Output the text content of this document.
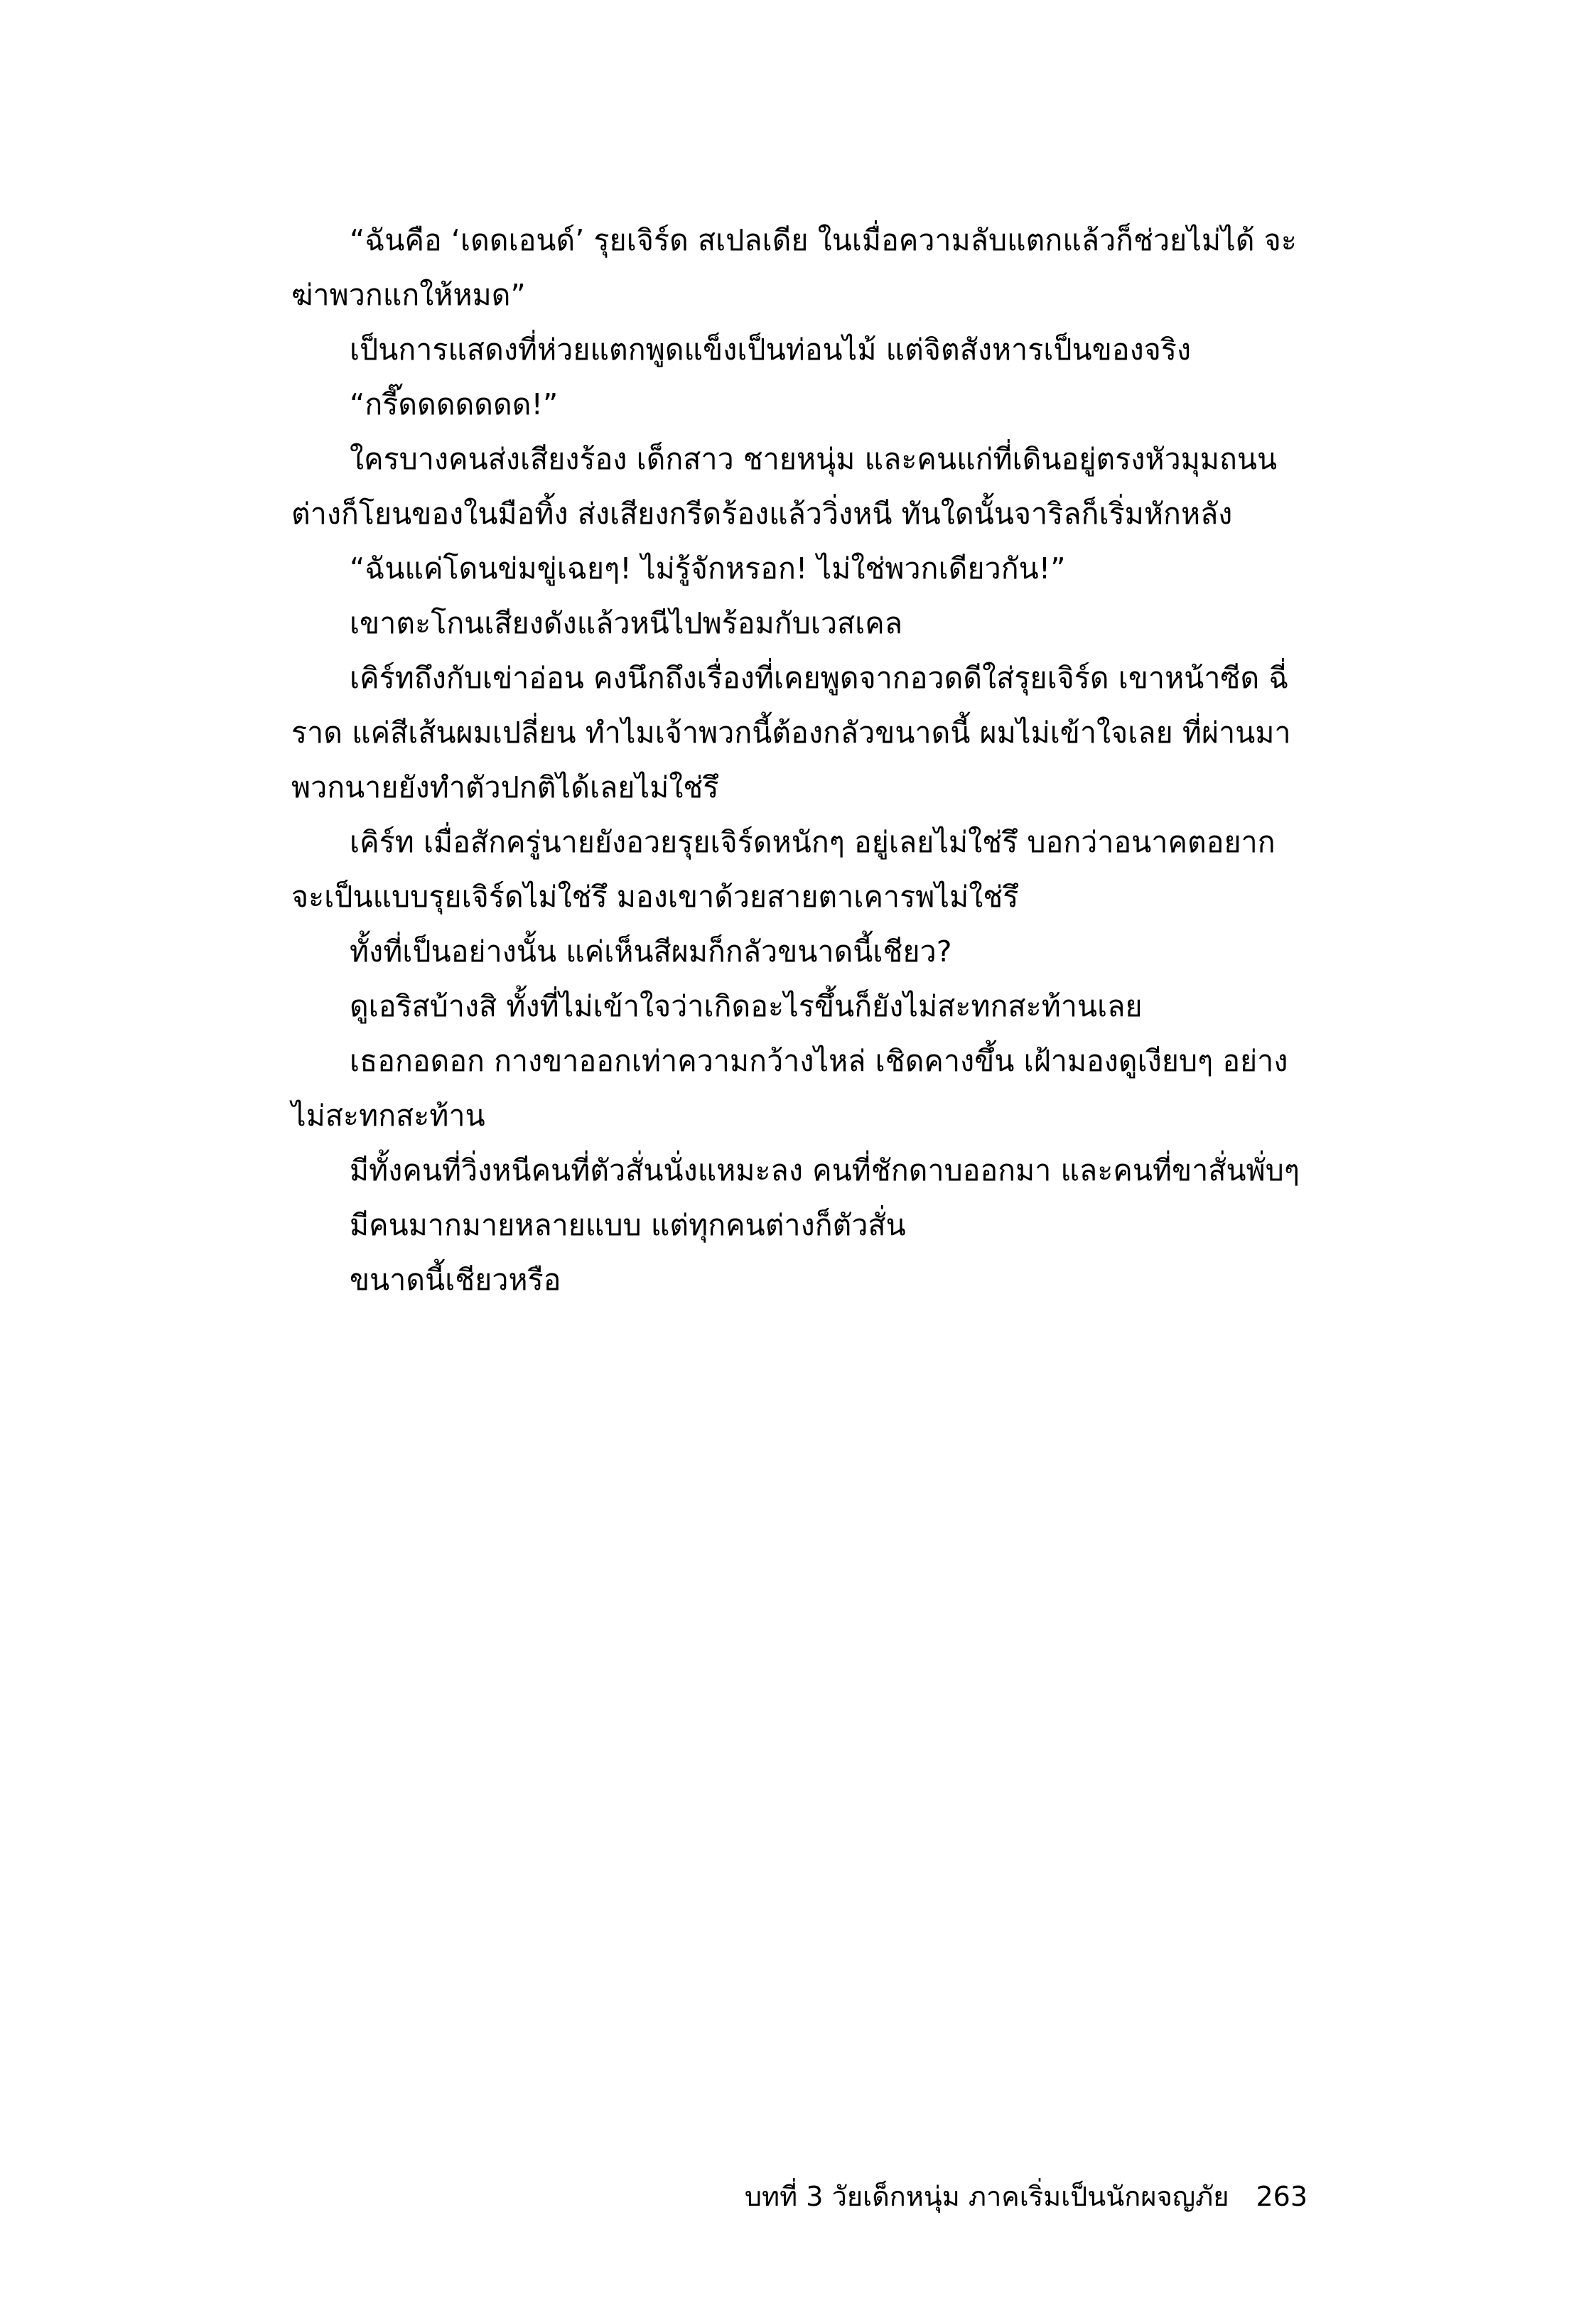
“ฉันคือ ‘เดดเอนด์’ รุยเจิร์ด สเปลเดีย ในเมื่อความลับแตกแล้วก็ช่วยไม่ได้ จะฆ่าพวกแกให้หมด”

เป็นการแสดงที่ห่วยแตกพูดแข็งเป็นท่อนไม้ แต่จิตสังหารเป็นของจริง

“กรี๊ดดดดดดด!”

ใครบางคนส่งเสียงร้อง เด็กสาว ชายหนุ่ม และคนแก่ที่เดินอยู่ตรงหัวมุมถนน ต่างก็โยนของในมือทิ้ง ส่งเสียงกรีดร้องแล้ววิ่งหนี ทันใดนั้นจาริลก็เริ่มหักหลัง

“ฉันแค่โดนข่มขู่เฉยๆ! ไม่รู้จักหรอก! ไม่ใช่พวกเดียวกัน!”

เขาตะโกนเสียงดังแล้วหนีไปพร้อมกับเวสเคล

เคิร์ทถึงกับเข่าอ่อน คงนึกถึงเรื่องที่เคยพูดจากอวดดีใส่รุยเจิร์ด เขาหน้าซีด ฉี่ราด แค่สีเส้นผมเปลี่ยน ทำไมเจ้าพวกนี้ต้องกลัวขนาดนี้ ผมไม่เข้าใจเลย ที่ผ่านมาพวกนายยังทำตัวปกติได้เลยไม่ใช่รึ

เคิร์ท เมื่อสักครู่นายยังอวยรุยเจิร์ดหนักๆ อยู่เลยไม่ใช่รึ บอกว่าอนาคตอยากจะเป็นแบบรุยเจิร์ดไม่ใช่รึ มองเขาด้วยสายตาเคารพไม่ใช่รึ

ทั้งที่เป็นอย่างนั้น แค่เห็นสีผมก็กลัวขนาดนี้เชียว?

ดูเอริสบ้างสิ ทั้งที่ไม่เข้าใจว่าเกิดอะไรขึ้นก็ยังไม่สะทกสะท้านเลย

เธอกอดอก กางขาออกเท่าความกว้างไหล่ เชิดคางขึ้น เฝ้ามองดูเงียบๆ อย่างไม่สะทกสะท้าน

มีทั้งคนที่วิ่งหนีคนที่ตัวสั่นนั่งแหมะลง คนที่ชักดาบออกมา และคนที่ขาสั่นพั่บๆ

มีคนมากมายหลายแบบ แต่ทุกคนต่างก็ตัวสั่น

ขนาดนี้เชียวหรือ

บทที่ 3 วัยเด็กหนุ่ม ภาคเริ่มเป็นนักผจญภัย 263
